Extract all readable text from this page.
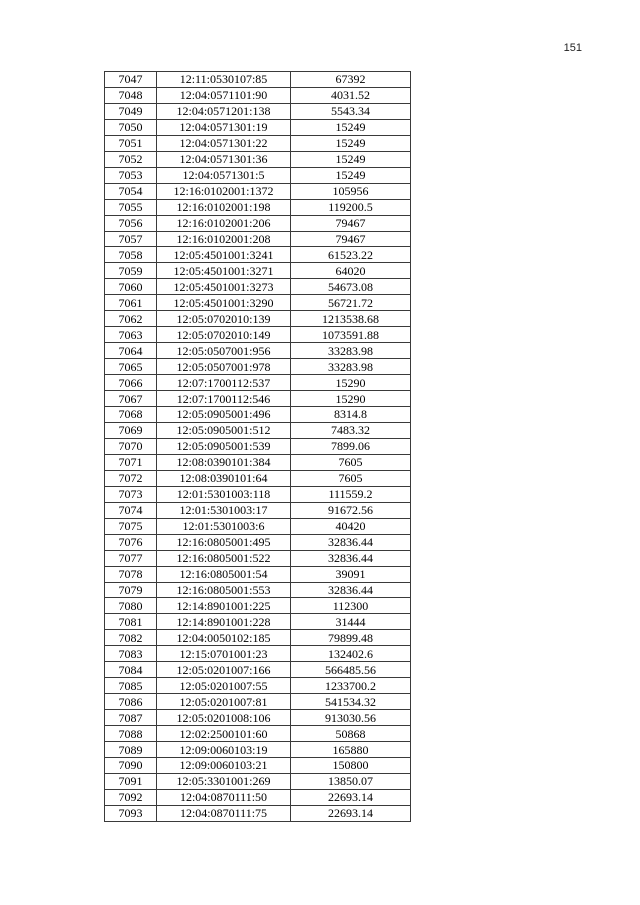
151
7047	12:11:0530107:85	67392
7048	12:04:0571101:90	4031.52
7049	12:04:0571201:138	5543.34
7050	12:04:0571301:19	15249
7051	12:04:0571301:22	15249
7052	12:04:0571301:36	15249
7053	12:04:0571301:5	15249
7054	12:16:0102001:1372	105956
7055	12:16:0102001:198	119200.5
7056	12:16:0102001:206	79467
7057	12:16:0102001:208	79467
7058	12:05:4501001:3241	61523.22
7059	12:05:4501001:3271	64020
7060	12:05:4501001:3273	54673.08
7061	12:05:4501001:3290	56721.72
7062	12:05:0702010:139	1213538.68
7063	12:05:0702010:149	1073591.88
7064	12:05:0507001:956	33283.98
7065	12:05:0507001:978	33283.98
7066	12:07:1700112:537	15290
7067	12:07:1700112:546	15290
7068	12:05:0905001:496	8314.8
7069	12:05:0905001:512	7483.32
7070	12:05:0905001:539	7899.06
7071	12:08:0390101:384	7605
7072	12:08:0390101:64	7605
7073	12:01:5301003:118	111559.2
7074	12:01:5301003:17	91672.56
7075	12:01:5301003:6	40420
7076	12:16:0805001:495	32836.44
7077	12:16:0805001:522	32836.44
7078	12:16:0805001:54	39091
7079	12:16:0805001:553	32836.44
7080	12:14:8901001:225	112300
7081	12:14:8901001:228	31444
7082	12:04:0050102:185	79899.48
7083	12:15:0701001:23	132402.6
7084	12:05:0201007:166	566485.56
7085	12:05:0201007:55	1233700.2
7086	12:05:0201007:81	541534.32
7087	12:05:0201008:106	913030.56
7088	12:02:2500101:60	50868
7089	12:09:0060103:19	165880
7090	12:09:0060103:21	150800
7091	12:05:3301001:269	13850.07
7092	12:04:0870111:50	22693.14
7093	12:04:0870111:75	22693.14
